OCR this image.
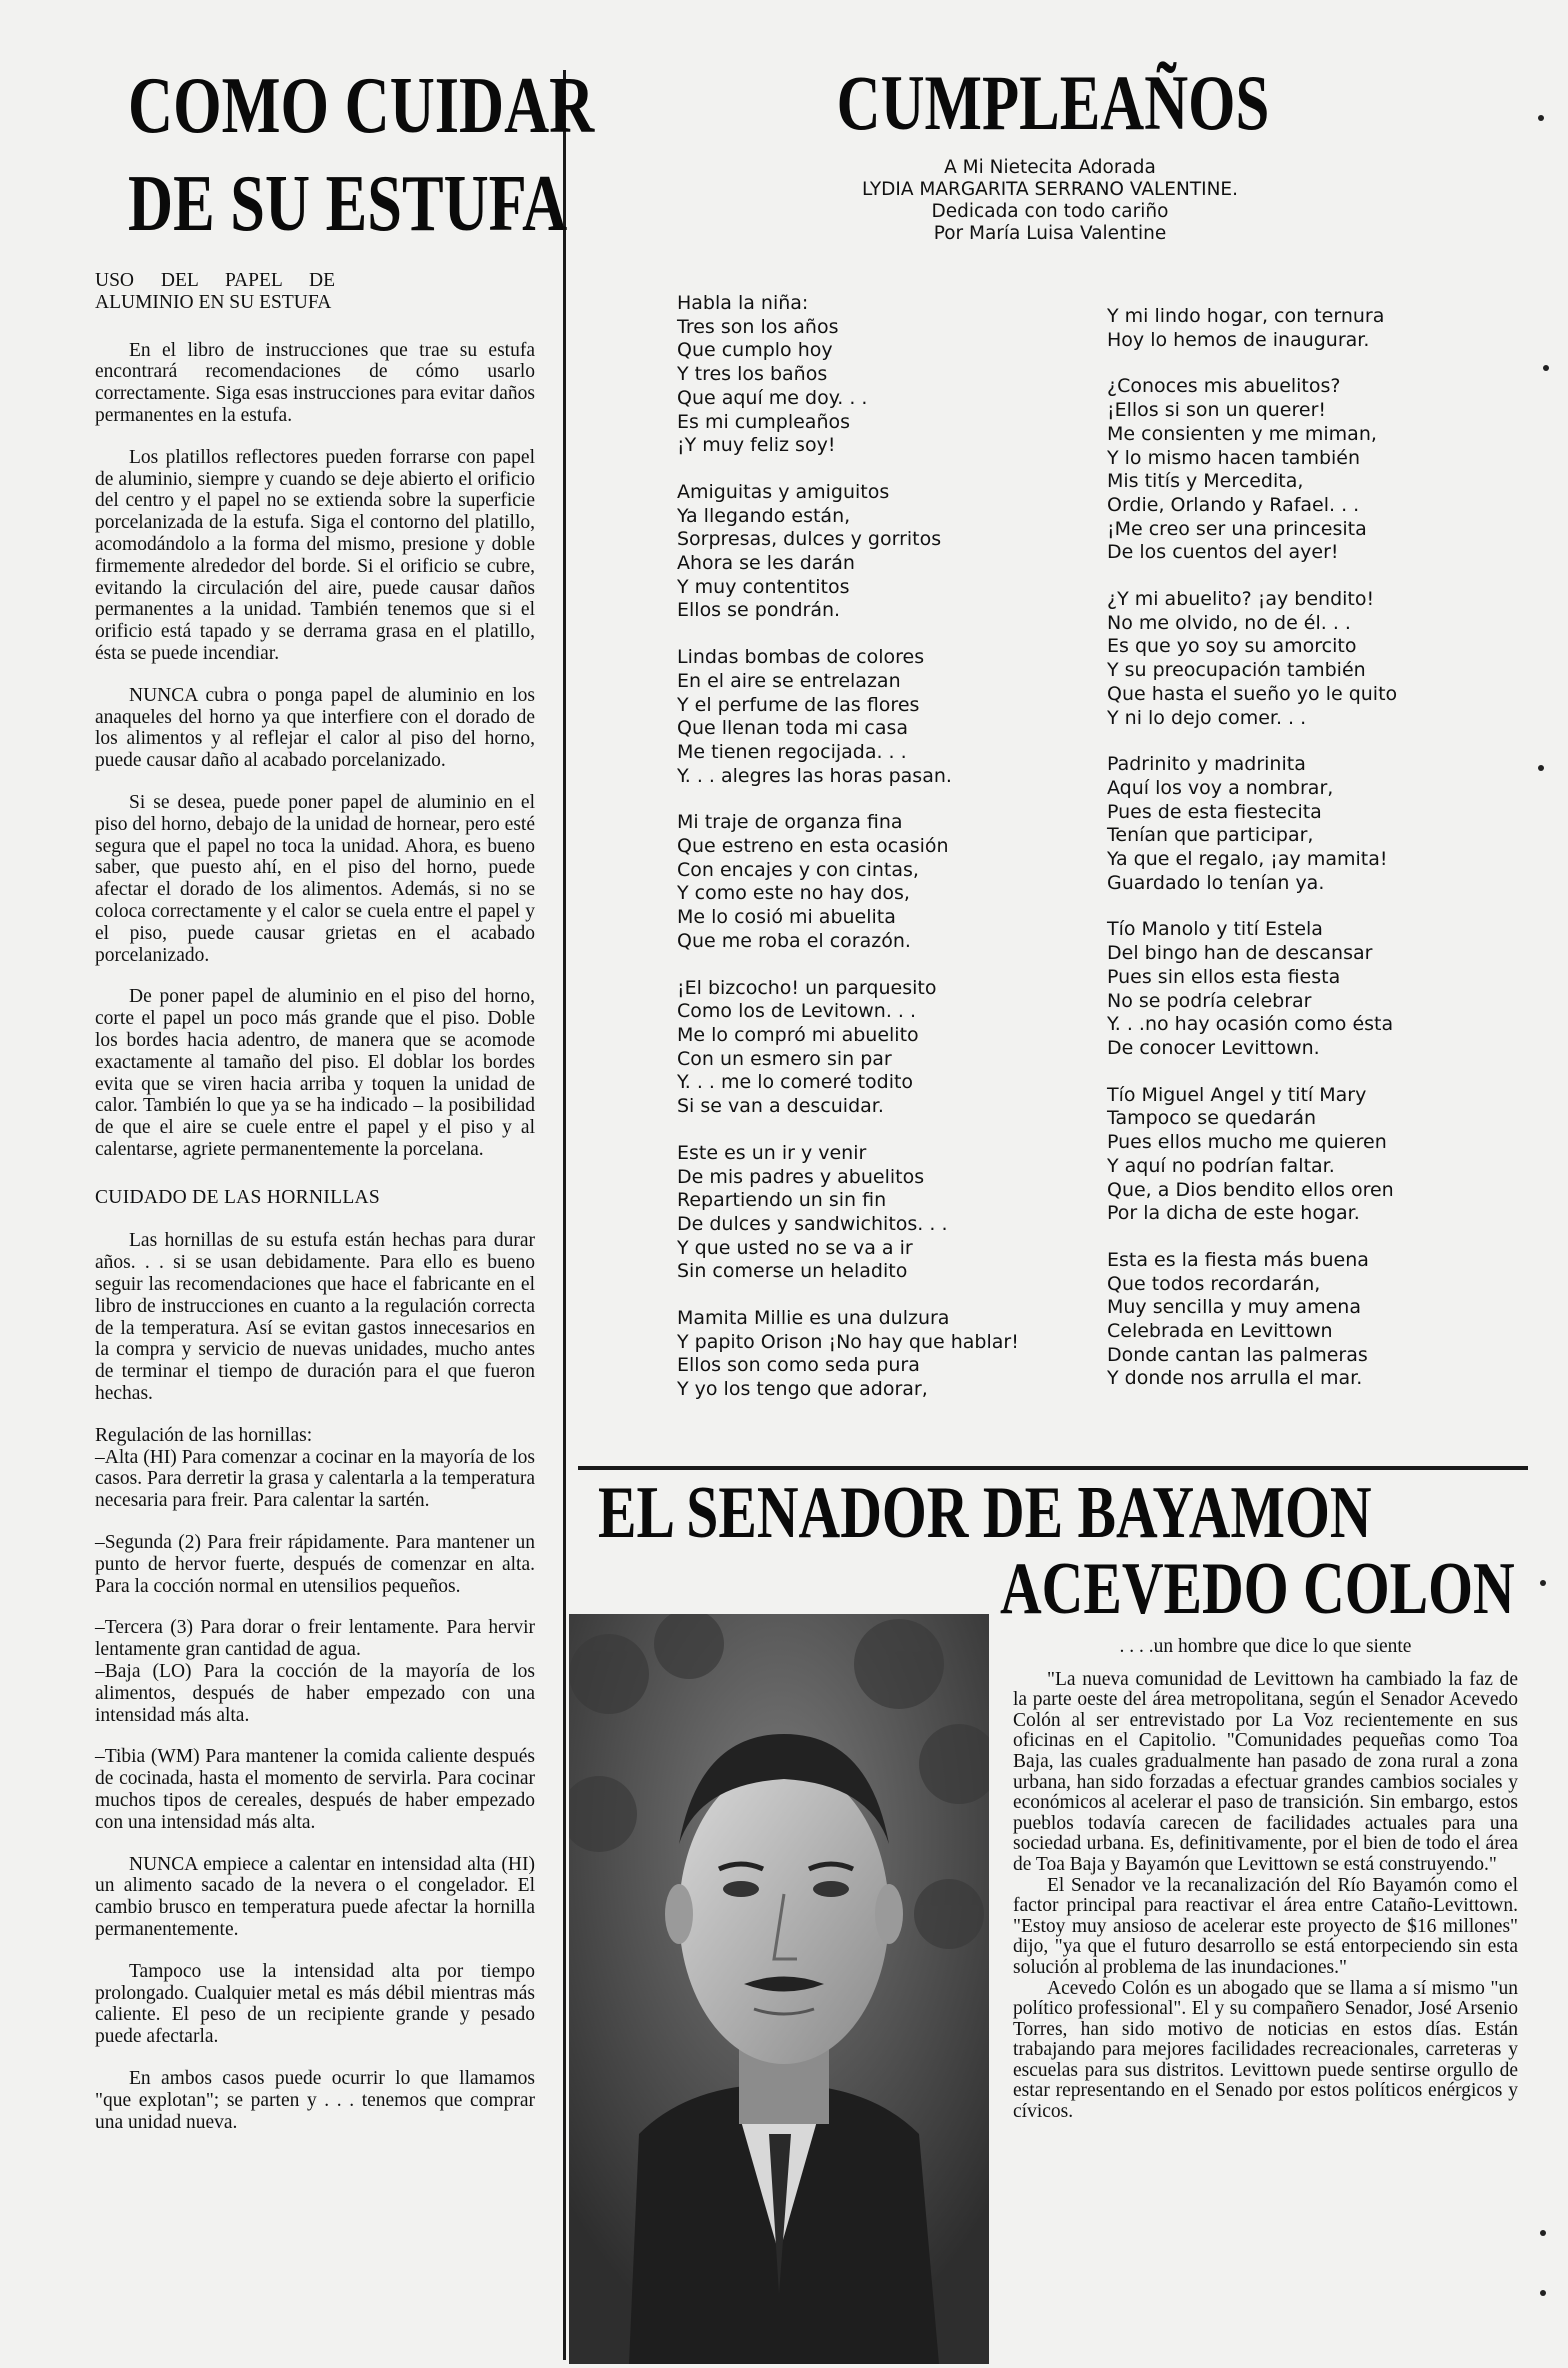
COMO CUIDAR
DE SU ESTUFA

USO DEL PAPEL DE ALUMINIO EN SU ESTUFA

En el libro de instrucciones que trae su estufa encontrará recomendaciones de cómo usarlo correctamente. Siga esas instrucciones para evitar daños permanentes en la estufa.

Los platillos reflectores pueden forrarse con papel de aluminio, siempre y cuando se deje abierto el orificio del centro y el papel no se extienda sobre la superficie porcelanizada de la estufa. Siga el contorno del platillo, acomodándolo a la forma del mismo, presione y doble firmemente alrededor del borde. Si el orificio se cubre, evitando la circulación del aire, puede causar daños permanentes a la unidad. También tenemos que si el orificio está tapado y se derrama grasa en el platillo, ésta se puede incendiar.

NUNCA cubra o ponga papel de aluminio en los anaqueles del horno ya que interfiere con el dorado de los alimentos y al reflejar el calor al piso del horno, puede causar daño al acabado porcelanizado.

Si se desea, puede poner papel de aluminio en el piso del horno, debajo de la unidad de hornear, pero esté segura que el papel no toca la unidad. Ahora, es bueno saber, que puesto ahí, en el piso del horno, puede afectar el dorado de los alimentos. Además, si no se coloca correctamente y el calor se cuela entre el papel y el piso, puede causar grietas en el acabado porcelanizado.

De poner papel de aluminio en el piso del horno, corte el papel un poco más grande que el piso. Doble los bordes hacia adentro, de manera que se acomode exactamente al tamaño del piso. El doblar los bordes evita que se viren hacia arriba y toquen la unidad de calor. También lo que ya se ha indicado – la posibilidad de que el aire se cuele entre el papel y el piso y al calentarse, agriete permanentemente la porcelana.

CUIDADO DE LAS HORNILLAS

Las hornillas de su estufa están hechas para durar años. . . si se usan debidamente. Para ello es bueno seguir las recomendaciones que hace el fabricante en el libro de instrucciones en cuanto a la regulación correcta de la temperatura. Así se evitan gastos innecesarios en la compra y servicio de nuevas unidades, mucho antes de terminar el tiempo de duración para el que fueron hechas.

Regulación de las hornillas:

–Alta (HI) Para comenzar a cocinar en la mayoría de los casos. Para derretir la grasa y calentarla a la temperatura necesaria para freir. Para calentar la sartén.

–Segunda (2) Para freir rápidamente. Para mantener un punto de hervor fuerte, después de comenzar en alta. Para la cocción normal en utensilios pequeños.

–Tercera (3) Para dorar o freir lentamente. Para hervir lentamente gran cantidad de agua.

–Baja (LO) Para la cocción de la mayoría de los alimentos, después de haber empezado con una intensidad más alta.

–Tibia (WM) Para mantener la comida caliente después de cocinada, hasta el momento de servirla. Para cocinar muchos tipos de cereales, después de haber empezado con una intensidad más alta.

NUNCA empiece a calentar en intensidad alta (HI) un alimento sacado de la nevera o el congelador. El cambio brusco en temperatura puede afectar la hornilla permanentemente.

Tampoco use la intensidad alta por tiempo prolongado. Cualquier metal es más débil mientras más caliente. El peso de un recipiente grande y pesado puede afectarla.

En ambos casos puede ocurrir lo que llamamos "que explotan"; se parten y . . . tenemos que comprar una unidad nueva.

CUMPLEAÑOS
A Mi Nietecita Adorada
LYDIA MARGARITA SERRANO VALENTINE.
Dedicada con todo cariño
Por María Luisa Valentine
Habla la niña:
Tres son los años
Que cumplo hoy
Y tres los baños
Que aquí me doy. . .
Es mi cumpleaños
¡Y muy feliz soy!
Amiguitas y amiguitos
Ya llegando están,
Sorpresas, dulces y gorritos
Ahora se les darán
Y muy contentitos
Ellos se pondrán.
Lindas bombas de colores
En el aire se entrelazan
Y el perfume de las flores
Que llenan toda mi casa
Me tienen regocijada. . .
Y. . . alegres las horas pasan.
Mi traje de organza fina
Que estreno en esta ocasión
Con encajes y con cintas,
Y como este no hay dos,
Me lo cosió mi abuelita
Que me roba el corazón.
¡El bizcocho! un parquesito
Como los de Levitown. . .
Me lo compró mi abuelito
Con un esmero sin par
Y. . . me lo comeré todito
Si se van a descuidar.
Este es un ir y venir
De mis padres y abuelitos
Repartiendo un sin fin
De dulces y sandwichitos. . .
Y que usted no se va a ir
Sin comerse un heladito
Mamita Millie es una dulzura
Y papito Orison ¡No hay que hablar!
Ellos son como seda pura
Y yo los tengo que adorar,
Y mi lindo hogar, con ternura
Hoy lo hemos de inaugurar.
¿Conoces mis abuelitos?
¡Ellos si son un querer!
Me consienten y me miman,
Y lo mismo hacen también
Mis titís y Mercedita,
Ordie, Orlando y Rafael. . .
¡Me creo ser una princesita
De los cuentos del ayer!
¿Y mi abuelito? ¡ay bendito!
No me olvido, no de él. . .
Es que yo soy su amorcito
Y su preocupación también
Que hasta el sueño yo le quito
Y ni lo dejo comer. . .
Padrinito y madrinita
Aquí los voy a nombrar,
Pues de esta fiestecita
Tenían que participar,
Ya que el regalo, ¡ay mamita!
Guardado lo tenían ya.
Tío Manolo y tití Estela
Del bingo han de descansar
Pues sin ellos esta fiesta
No se podría celebrar
Y. . .no hay ocasión como ésta
De conocer Levittown.
Tío Miguel Angel y tití Mary
Tampoco se quedarán
Pues ellos mucho me quieren
Y aquí no podrían faltar.
Que, a Dios bendito ellos oren
Por la dicha de este hogar.
Esta es la fiesta más buena
Que todos recordarán,
Muy sencilla y muy amena
Celebrada en Levittown
Donde cantan las palmeras
Y donde nos arrulla el mar.
EL SENADOR DE BAYAMON
ACEVEDO COLON
. . . .un hombre que dice lo que siente

"La nueva comunidad de Levittown ha cambiado la faz de la parte oeste del área metropolitana, según el Senador Acevedo Colón al ser entrevistado por La Voz recientemente en sus oficinas en el Capitolio. "Comunidades pequeñas como Toa Baja, las cuales gradualmente han pasado de zona rural a zona urbana, han sido forzadas a efectuar grandes cambios sociales y económicos al acelerar el paso de transición. Sin embargo, estos pueblos todavía carecen de facilidades actuales para una sociedad urbana. Es, definitivamente, por el bien de todo el área de Toa Baja y Bayamón que Levittown se está construyendo."

El Senador ve la recanalización del Río Bayamón como el factor principal para reactivar el área entre Cataño-Levittown. "Estoy muy ansioso de acelerar este proyecto de $16 millones" dijo, "ya que el futuro desarrollo se está entorpeciendo sin esta solución al problema de las inundaciones."

Acevedo Colón es un abogado que se llama a sí mismo "un político professional". El y su compañero Senador, José Arsenio Torres, han sido motivo de noticias en estos días. Están trabajando para mejores facilidades recreacionales, carreteras y escuelas para sus distritos. Levittown puede sentirse orgullo de estar representando en el Senado por estos políticos enérgicos y cívicos.
